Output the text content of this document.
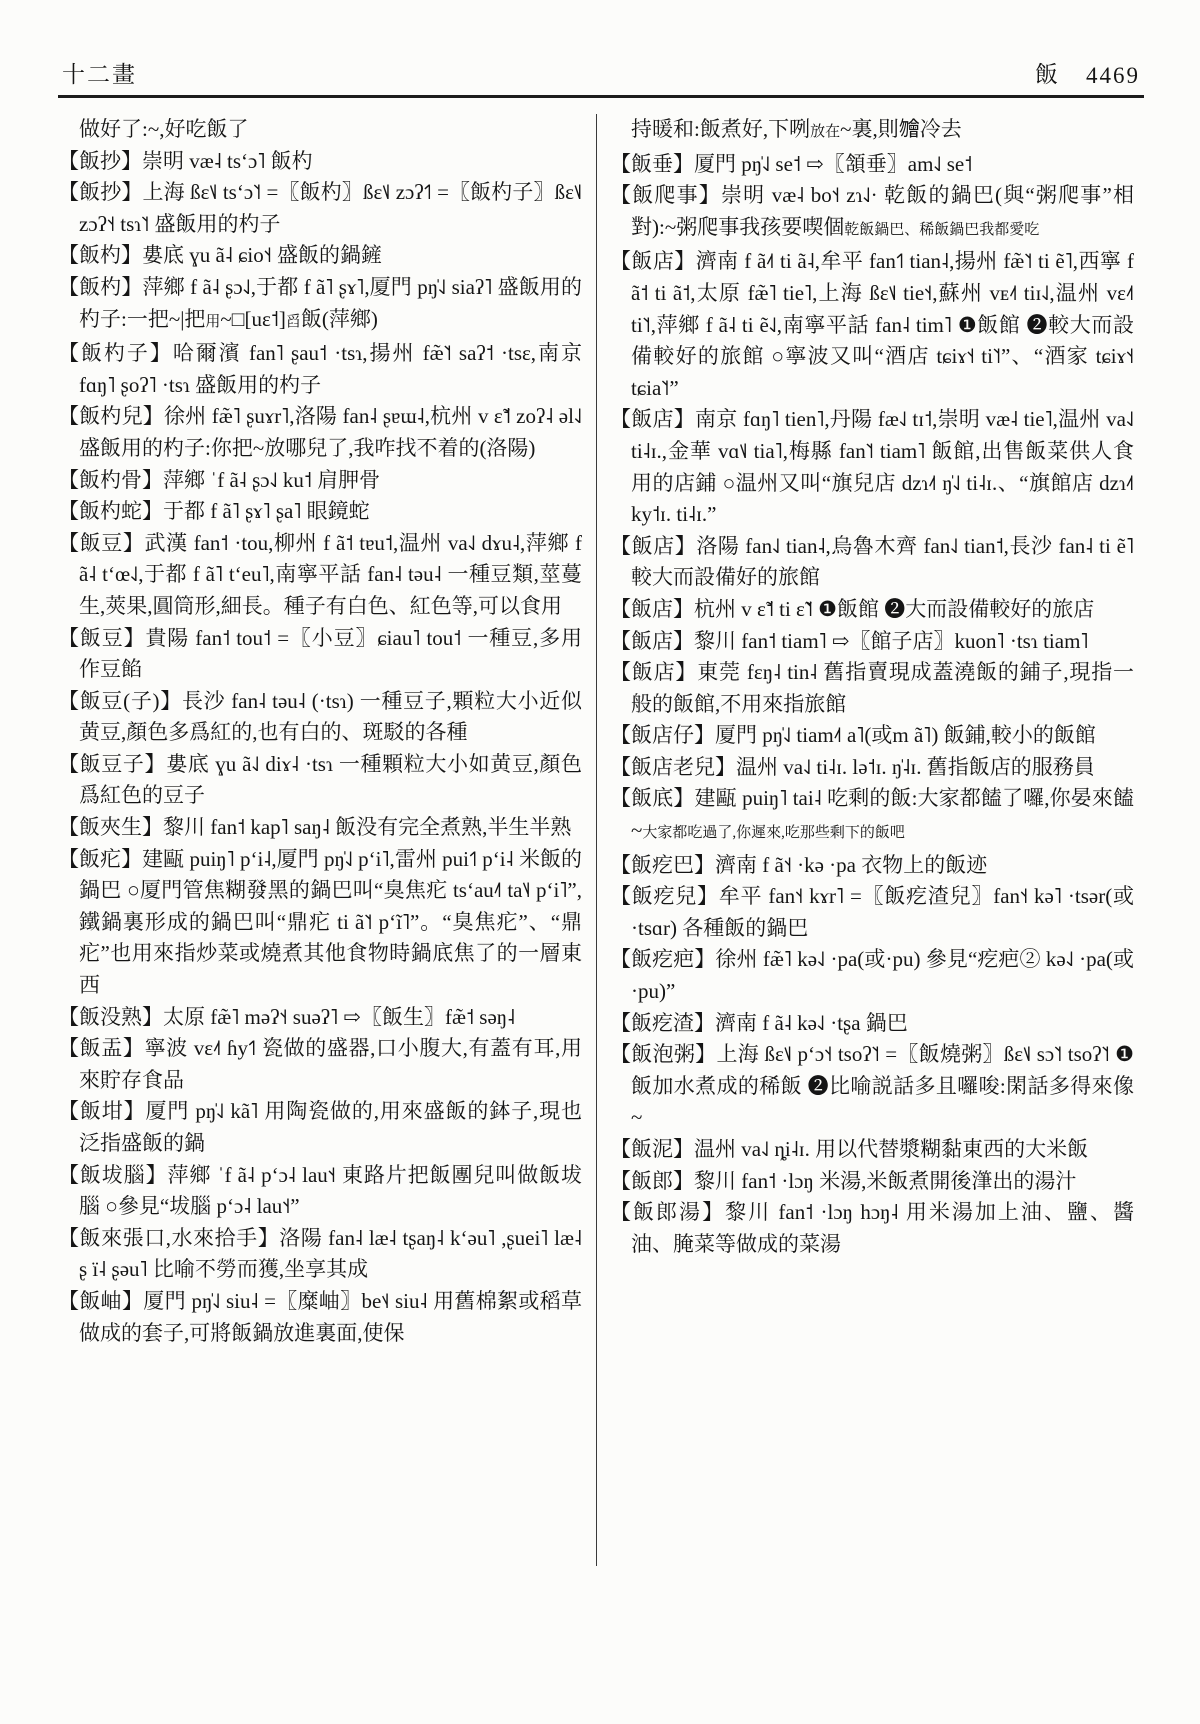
十二畫	飯 4469

做好了:~,好吃飯了

【飯抄】崇明 væ˨ tsʻɔ˥ 飯杓

【飯抄】上海 ßɛ˦˩ tsʻɔ˥˦ =〖飯杓〗ßɛ˦˩ zɔʔ˦˥ =〖飯杓子〗ßɛ˦˩ zɔʔ˦˧ tsɿ˥˦ 盛飯用的杓子

【飯杓】婁底 ɣu ã˨ ɕio˦˧ 盛飯的鍋鏟

【飯杓】萍鄉 f ã˨ ʂɔ˨˩,于都 f ã˥ ʂɤ˥,厦門 pŋ̍˨˩ siaʔ˥ 盛飯用的杓子:一把~|把用~□[uɛ˦]舀飯(萍鄉)

【飯杓子】哈爾濱 fan˥ ʂau˦ ·tsɿ,揚州 fæ̃˥˦ saʔ˦ ·tsɛ,南京 fɑŋ˥ ʂoʔ˥ ·tsɿ 盛飯用的杓子

【飯杓兒】徐州 fæ̃˥ ʂuɤr˥,洛陽 fan˨ ʂɐɯ˨,杭州 v ɛ̃˦ zoʔ˨ əl˨˩ 盛飯用的杓子:你把~放哪兒了,我咋找不着的(洛陽)

【飯杓骨】萍鄉 ˈf ã˨ ʂɔ˨˩ ku˦ 肩胛骨

【飯杓蛇】于都 f ã˥ ʂɤ˥ ʂa˥ 眼鏡蛇

【飯豆】武漢 fan˦ ·tou,柳州 f ã˦ tɐu˦,温州 va˨˩ dɤu˨,萍鄉 f ã˨ tʻœ˨˩,于都 f ã˥ tʻeu˥,南寧平話 fan˨ təu˨ 一種豆類,莖蔓生,莢果,圓筒形,細長。種子有白色、紅色等,可以食用

【飯豆】貴陽 fan˦ tou˦ =〖小豆〗ɕiau˥ tou˦ 一種豆,多用作豆餡

【飯豆(子)】長沙 fan˨ təu˨ (·tsɿ) 一種豆子,顆粒大小近似黄豆,顏色多爲紅的,也有白的、斑駁的各種

【飯豆子】婁底 ɣu ã˨˩ diɤ˨ ·tsɿ 一種顆粒大小如黄豆,顏色爲紅色的豆子

【飯夾生】黎川 fan˦ kap˥ saŋ˨ 飯没有完全煮熟,半生半熟

【飯疕】建甌 puiŋ˥ pʻi˨,厦門 pŋ̍˨˩ pʻi˥,雷州 pui˦˥ pʻi˨ 米飯的鍋巴 ○厦門管焦糊發黑的鍋巴叫“臭焦疕 tsʻau˨˥ ta˥˨ pʻi˥”,鐵鍋裏形成的鍋巴叫“鼎疕 ti ã˥˦ pʻĩ˥”。“臭焦疕”、“鼎疕”也用來指炒菜或燒煮其他食物時鍋底焦了的一層東西

【飯没熟】太原 fæ̃˥ məʔ˦˧ suəʔ˥ ⇨〖飯生〗fæ̃˦ səŋ˨

【飯盂】寧波 vɛ˨˦ ɦy˦˥ 瓷做的盛器,口小腹大,有蓋有耳,用來貯存食品

【飯坩】厦門 pŋ̍˨˩ kã˥ 用陶瓷做的,用來盛飯的鉢子,現也泛指盛飯的鍋

【飯坺腦】萍鄉 ˈf ã˨ pʻɔ˨ lau˦˧ 東路片把飯團兒叫做飯坺腦 ○參見“坺腦 pʻɔ˨ lau˦˧”

【飯來張口,水來拾手】洛陽 fan˨ læ˨ tʂaŋ˨ kʻəu˥ ,ʂuei˥ læ˨ ʂ ï˨ ʂəu˥ 比喻不勞而獲,坐享其成

【飯岫】厦門 pŋ̍˨˩ siu˨ =〖糜岫〗be˦˨ siu˨ 用舊棉絮或稻草做成的套子,可將飯鍋放進裏面,使保

持暖和:飯煮好,下咧放在~裏,則𣍐冷去

【飯垂】厦門 pŋ̍˨˩ se˦ ⇨〖頷垂〗am˨˩ se˦

【飯爬事】崇明 væ˨ bo˦˧ zɿ˨˩· 乾飯的鍋巴(與“粥爬事”相對):~粥爬事我孩要喫個乾飯鍋巴、稀飯鍋巴我都愛吃

【飯店】濟南 f ã˨˦ ti ã˨,牟平 fan˦˥ tian˨,揚州 fæ̃˥˦ ti ẽ˥,西寧 f ã˦ ti ã˦,太原 fæ̃˥ tie˥,上海 ßɛ˦˩ tie˦˧,蘇州 vᴇ˨˦ tiɪ˨˩,温州 vɛ˨˦ ti˥˦,萍鄉 f ã˨ ti ẽ˨˩,南寧平話 fan˨ tim˥ ❶飯館 ❷較大而設備較好的旅館 ○寧波又叫“酒店 tɕiɤ˦˧ ti˥˦”、“酒家 tɕiɤ˦˧ tɕia˥˦”

【飯店】南京 fɑŋ˥ tien˥,丹陽 fæ˨˩ tɪ˦,崇明 væ˨ tie˥,温州 va˨˩ ti˨ɪ.,金華 vɑ˦˩ tia˥,梅縣 fan˥˦ tiam˥ 飯館,出售飯菜供人食用的店鋪 ○温州又叫“旗兒店 dzɿ˨˦ ŋ̍˨˩ ti˨ɪ.、“旗館店 dzɿ˨˦ ky˦ɪ. ti˨ɪ.”

【飯店】洛陽 fan˨˩ tian˨,烏魯木齊 fan˨˩ tian˦,長沙 fan˨ ti ẽ˥ 較大而設備好的旅館

【飯店】杭州 v ɛ̃˦ ti ɛ̃˥˦ ❶飯館 ❷大而設備較好的旅店

【飯店】黎川 fan˦ tiam˥ ⇨〖館子店〗kuon˥ ·tsɿ tiam˥

【飯店】東莞 fɛŋ˨ tin˨ 舊指賣現成蓋澆飯的鋪子,現指一般的飯館,不用來指旅館

【飯店仔】厦門 pŋ̍˨˩ tiam˨˦ a˥(或m ã˥) 飯鋪,較小的飯館

【飯店老兒】温州 va˨˩ ti˨ɪ. lə˦ɪ. ŋ̍˨ɪ. 舊指飯店的服務員

【飯底】建甌 puiŋ˥ tai˨ 吃剩的飯:大家都饁了囉,你晏來饁~大家都吃過了,你遲來,吃那些剩下的飯吧

【飯疙巴】濟南 f ã˦˧ ·kə ·pa 衣物上的飯迹

【飯疙兒】牟平 fan˦˧ kɤr˥ =〖飯疙渣兒〗fan˦˧ kə˥ ·tsər(或·tsɑr) 各種飯的鍋巴

【飯疙疤】徐州 fæ̃˥ kə˨˩ ·pa(或·pu) 參見“疙疤② kə˨˩ ·pa(或 ·pu)”

【飯疙渣】濟南 f ã˨ kə˨˩ ·tʂa 鍋巴

【飯泡粥】上海 ßɛ˦˩ pʻɔ˦˧ tsoʔ˥˦ =〖飯燒粥〗ßɛ˦˩ sɔ˥˦ tsoʔ˥˦ ❶飯加水煮成的稀飯 ❷比喻説話多且囉唆:閑話多得來像~

【飯泥】温州 va˨˩ ȵi˨ɪ. 用以代替漿糊黏東西的大米飯

【飯郎】黎川 fan˦ ·lɔŋ 米湯,米飯煮開後潷出的湯汁

【飯郎湯】黎川 fan˦ ·lɔŋ hɔŋ˨ 用米湯加上油、鹽、醬油、腌菜等做成的菜湯
